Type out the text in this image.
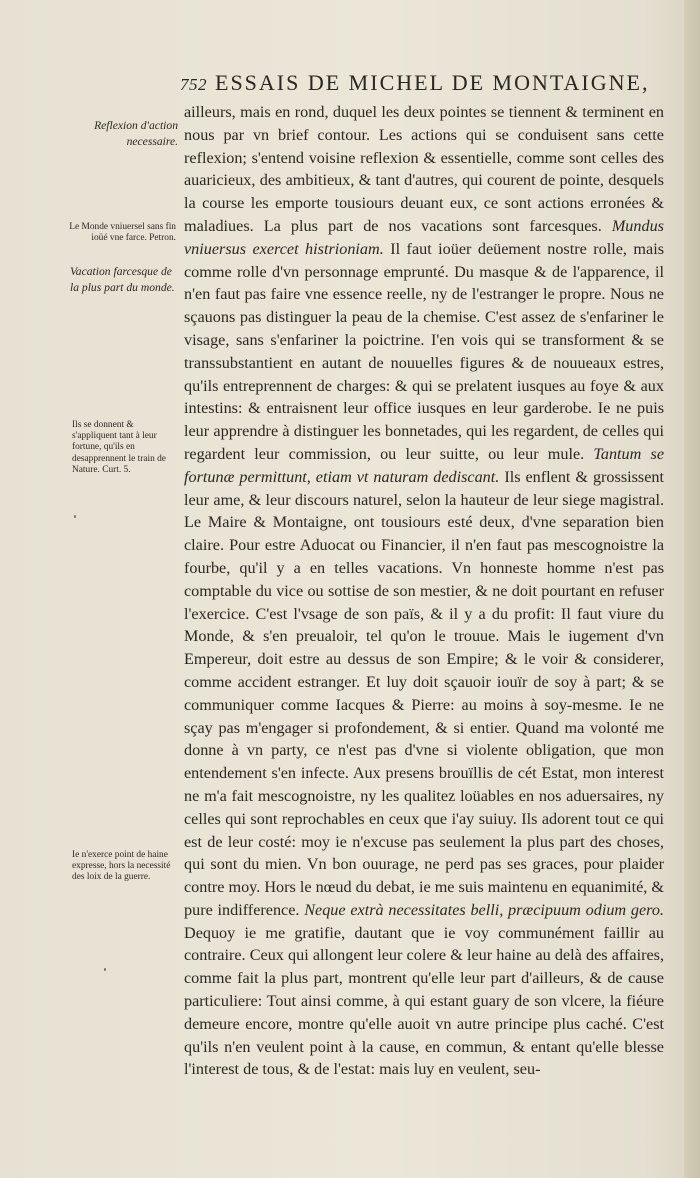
752 ESSAIS DE MICHEL DE MONTAIGNE,

Reflexion d'action necessaire.

Le Monde vniuersel sans fin ioüé vne farce. Petron.

Vacation farcesque de la plus part du monde.

Ils se donnent & s'appliquent tant à leur fortune, qu'ils en desapprennent le train de Nature. Curt. 5.

Ie n'exerce point de haine expresse, hors la necessité des loix de la guerre.

ailleurs, mais en rond, duquel les deux pointes se tiennent & terminent en nous par vn brief contour. Les actions qui se conduisent sans cette reflexion; s'entend voisine reflexion & essentielle, comme sont celles des auaricieux, des ambitieux, & tant d'autres, qui courent de pointe, desquels la course les emporte tousiours deuant eux, ce sont actions erronées & maladiues. La plus part de nos vacations sont farcesques. Mundus vniuersus exercet histrioniam. Il faut ioüer deüement nostre rolle, mais comme rolle d'vn personnage emprunté. Du masque & de l'apparence, il n'en faut pas faire vne essence reelle, ny de l'estranger le propre. Nous ne sçauons pas distinguer la peau de la chemise. C'est assez de s'enfariner le visage, sans s'enfariner la poictrine. I'en vois qui se transforment & se transsubstantient en autant de nouuelles figures & de nouueaux estres, qu'ils entreprennent de charges: & qui se prelatent iusques au foye & aux intestins: & entraisnent leur office iusques en leur garderobe. Ie ne puis leur apprendre à distinguer les bonnetades, qui les regardent, de celles qui regardent leur commission, ou leur suitte, ou leur mule. Tantum se fortunæ permittunt, etiam vt naturam dediscant. Ils enflent & grossissent leur ame, & leur discours naturel, selon la hauteur de leur siege magistral. Le Maire & Montaigne, ont tousiours esté deux, d'vne separation bien claire. Pour estre Aduocat ou Financier, il n'en faut pas mescognoistre la fourbe, qu'il y a en telles vacations. Vn honneste homme n'est pas comptable du vice ou sottise de son mestier, & ne doit pourtant en refuser l'exercice. C'est l'vsage de son païs, & il y a du profit: Il faut viure du Monde, & s'en preualoir, tel qu'on le trouue. Mais le iugement d'vn Empereur, doit estre au dessus de son Empire; & le voir & considerer, comme accident estranger. Et luy doit sçauoir iouïr de soy à part; & se communiquer comme Iacques & Pierre: au moins à soy-mesme. Ie ne sçay pas m'engager si profondement, & si entier. Quand ma volonté me donne à vn party, ce n'est pas d'vne si violente obligation, que mon entendement s'en infecte. Aux presens brouïllis de cét Estat, mon interest ne m'a fait mescognoistre, ny les qualitez loüables en nos aduersaires, ny celles qui sont reprochables en ceux que i'ay suiuy. Ils adorent tout ce qui est de leur costé: moy ie n'excuse pas seulement la plus part des choses, qui sont du mien. Vn bon ouurage, ne perd pas ses graces, pour plaider contre moy. Hors le nœud du debat, ie me suis maintenu en equanimité, & pure indifference. Neque extrà necessitates belli, præcipuum odium gero. Dequoy ie me gratifie, dautant que ie voy communément faillir au contraire. Ceux qui allongent leur colere & leur haine au delà des affaires, comme fait la plus part, montrent qu'elle leur part d'ailleurs, & de cause particuliere: Tout ainsi comme, à qui estant guary de son vlcere, la fiéure demeure encore, montre qu'elle auoit vn autre principe plus caché. C'est qu'ils n'en veulent point à la cause, en commun, & entant qu'elle blesse l'interest de tous, & de l'estat: mais luy en veulent, seu-
